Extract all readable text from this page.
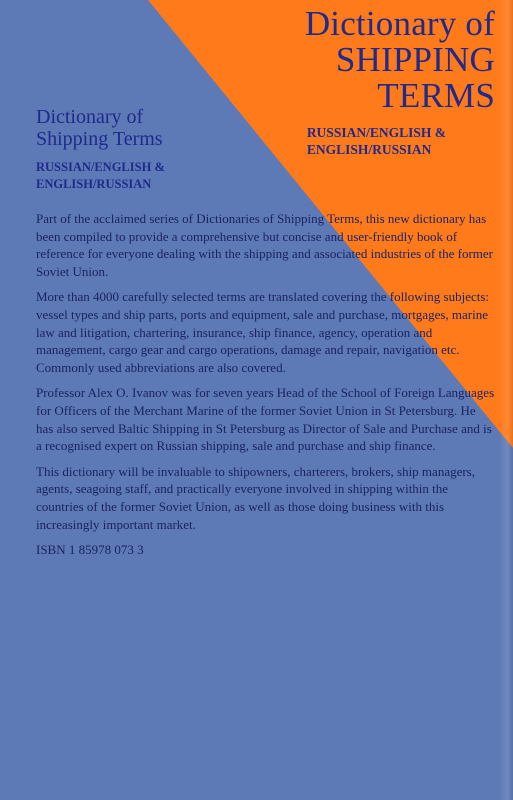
Dictionary of
SHIPPING
TERMS
RUSSIAN/ENGLISH &
ENGLISH/RUSSIAN
Dictionary of
Shipping Terms
RUSSIAN/ENGLISH &
ENGLISH/RUSSIAN

Part of the acclaimed series of Dictionaries of Shipping Terms, this new dictionary has been compiled to provide a comprehensive but concise and user-friendly book of reference for everyone dealing with the shipping and associated industries of the former Soviet Union.

More than 4000 carefully selected terms are translated covering the following subjects: vessel types and ship parts, ports and equipment, sale and purchase, mortgages, marine law and litigation, chartering, insurance, ship finance, agency, operation and management, cargo gear and cargo operations, damage and repair, navigation etc. Commonly used abbreviations are also covered.

Professor Alex O. Ivanov was for seven years Head of the School of Foreign Languages for Officers of the Merchant Marine of the former Soviet Union in St Petersburg. He has also served Baltic Shipping in St Petersburg as Director of Sale and Purchase and is a recognised expert on Russian shipping, sale and purchase and ship finance.

This dictionary will be invaluable to shipowners, charterers, brokers, ship managers, agents, seagoing staff, and practically everyone involved in shipping within the countries of the former Soviet Union, as well as those doing business with this increasingly important market.

ISBN 1 85978 073 3
